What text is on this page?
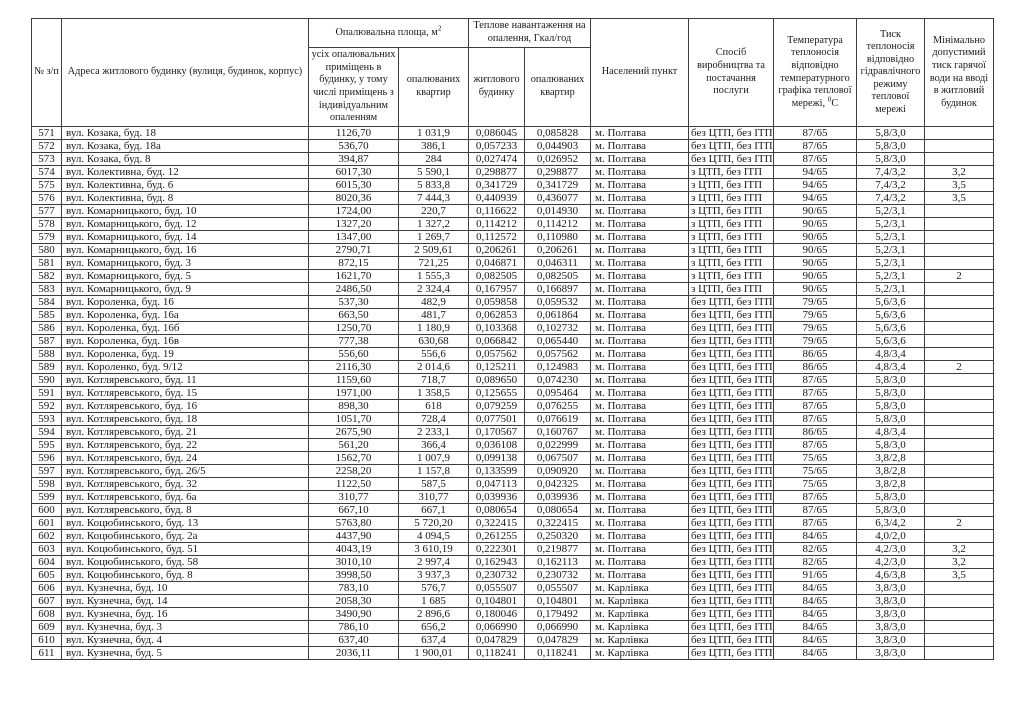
№ з/п	Адреса житлового будинку (вулиця, будинок, корпус)	Опалювальна площа, $м^2$		Теплове навантаження на опалення, Гкал/год		Населений пункт	Спосіб виробництва та постачання послуги	Температура теплоносія відповідно температурного графіка теплової мережі, $^0$С	Тиск теплоносія відповідно гідравлічного режиму теплової мережі	Мінімально допустимий тиск гарячої води на вводі в житловий будинок
		усіх опалювальних приміщень в будинку, у тому числі приміщень з індивідуальним опаленням	опалюваних квартир	житлового будинку	опалюваних квартир					
571	вул. Козака, буд. 18	1126,70	1 031,9	0,086045	0,085828	м. Полтава	без ЦТП, без ІТП	87/65	5,8/3,0	
572	вул. Козака, буд. 18а	536,70	386,1	0,057233	0,044903	м. Полтава	без ЦТП, без ІТП	87/65	5,8/3,0	
573	вул. Козака, буд. 8	394,87	284	0,027474	0,026952	м. Полтава	без ЦТП, без ІТП	87/65	5,8/3,0	
574	вул. Колективна, буд. 12	6017,30	5 590,1	0,298877	0,298877	м. Полтава	з ЦТП, без ІТП	94/65	7,4/3,2	3,2
575	вул. Колективна, буд. 6	6015,30	5 833,8	0,341729	0,341729	м. Полтава	з ЦТП, без ІТП	94/65	7,4/3,2	3,5
576	вул. Колективна, буд. 8	8020,36	7 444,3	0,440939	0,436077	м. Полтава	з ЦТП, без ІТП	94/65	7,4/3,2	3,5
577	вул. Комарницького, буд. 10	1724,00	220,7	0,116622	0,014930	м. Полтава	з ЦТП, без ІТП	90/65	5,2/3,1	
578	вул. Комарницького, буд. 12	1327,20	1 327,2	0,114212	0,114212	м. Полтава	з ЦТП, без ІТП	90/65	5,2/3,1	
579	вул. Комарницького, буд. 14	1347,00	1 269,7	0,112572	0,110980	м. Полтава	з ЦТП, без ІТП	90/65	5,2/3,1	
580	вул. Комарницького, буд. 16	2790,71	2 509,61	0,206261	0,206261	м. Полтава	з ЦТП, без ІТП	90/65	5,2/3,1	
581	вул. Комарницького, буд. 3	872,15	721,25	0,046871	0,046311	м. Полтава	з ЦТП, без ІТП	90/65	5,2/3,1	
582	вул. Комарницького, буд. 5	1621,70	1 555,3	0,082505	0,082505	м. Полтава	з ЦТП, без ІТП	90/65	5,2/3,1	2
583	вул. Комарницького, буд. 9	2486,50	2 324,4	0,167957	0,166897	м. Полтава	з ЦТП, без ІТП	90/65	5,2/3,1	
584	вул. Короленка, буд. 16	537,30	482,9	0,059858	0,059532	м. Полтава	без ЦТП, без ІТП	79/65	5,6/3,6	
585	вул. Короленка, буд. 16а	663,50	481,7	0,062853	0,061864	м. Полтава	без ЦТП, без ІТП	79/65	5,6/3,6	
586	вул. Короленка, буд. 16б	1250,70	1 180,9	0,103368	0,102732	м. Полтава	без ЦТП, без ІТП	79/65	5,6/3,6	
587	вул. Короленка, буд. 16в	777,38	630,68	0,066842	0,065440	м. Полтава	без ЦТП, без ІТП	79/65	5,6/3,6	
588	вул. Короленка, буд. 19	556,60	556,6	0,057562	0,057562	м. Полтава	без ЦТП, без ІТП	86/65	4,8/3,4	
589	вул. Короленко, буд. 9/12	2116,30	2 014,6	0,125211	0,124983	м. Полтава	без ЦТП, без ІТП	86/65	4,8/3,4	2
590	вул. Котляревського, буд. 11	1159,60	718,7	0,089650	0,074230	м. Полтава	без ЦТП, без ІТП	87/65	5,8/3,0	
591	вул. Котляревського, буд. 15	1971,00	1 358,5	0,125655	0,095464	м. Полтава	без ЦТП, без ІТП	87/65	5,8/3,0	
592	вул. Котляревського, буд. 16	898,30	618	0,079259	0,076255	м. Полтава	без ЦТП, без ІТП	87/65	5,8/3,0	
593	вул. Котляревського, буд. 18	1051,70	728,4	0,077501	0,076619	м. Полтава	без ЦТП, без ІТП	87/65	5,8/3,0	
594	вул. Котляревського, буд. 21	2675,90	2 233,1	0,170567	0,160767	м. Полтава	без ЦТП, без ІТП	86/65	4,8/3,4	
595	вул. Котляревського, буд. 22	561,20	366,4	0,036108	0,022999	м. Полтава	без ЦТП, без ІТП	87/65	5,8/3,0	
596	вул. Котляревського, буд. 24	1562,70	1 007,9	0,099138	0,067507	м. Полтава	без ЦТП, без ІТП	75/65	3,8/2,8	
597	вул. Котляревського, буд. 26/5	2258,20	1 157,8	0,133599	0,090920	м. Полтава	без ЦТП, без ІТП	75/65	3,8/2,8	
598	вул. Котляревського, буд. 32	1122,50	587,5	0,047113	0,042325	м. Полтава	без ЦТП, без ІТП	75/65	3,8/2,8	
599	вул. Котляревського, буд. 6а	310,77	310,77	0,039936	0,039936	м. Полтава	без ЦТП, без ІТП	87/65	5,8/3,0	
600	вул. Котляревського, буд. 8	667,10	667,1	0,080654	0,080654	м. Полтава	без ЦТП, без ІТП	87/65	5,8/3,0	
601	вул. Коцюбинського, буд. 13	5763,80	5 720,20	0,322415	0,322415	м. Полтава	без ЦТП, без ІТП	87/65	6,3/4,2	2
602	вул. Коцюбинського, буд. 2а	4437,90	4 094,5	0,261255	0,250320	м. Полтава	без ЦТП, без ІТП	84/65	4,0/2,0	
603	вул. Коцюбинського, буд. 51	4043,19	3 610,19	0,222301	0,219877	м. Полтава	без ЦТП, без ІТП	82/65	4,2/3,0	3,2
604	вул. Коцюбинського, буд. 58	3010,10	2 997,4	0,162943	0,162113	м. Полтава	без ЦТП, без ІТП	82/65	4,2/3,0	3,2
605	вул. Коцюбинського, буд. 8	3998,50	3 937,3	0,230732	0,230732	м. Полтава	без ЦТП, без ІТП	91/65	4,6/3,8	3,5
606	вул. Кузнечна, буд. 10	783,10	576,7	0,055507	0,055507	м. Карлівка	без ЦТП, без ІТП	84/65	3,8/3,0	
607	вул. Кузнечна, буд. 14	2058,30	1 685	0,104801	0,104801	м. Карлівка	без ЦТП, без ІТП	84/65	3,8/3,0	
608	вул. Кузнечна, буд. 16	3490,90	2 896,6	0,180046	0,179492	м. Карлівка	без ЦТП, без ІТП	84/65	3,8/3,0	
609	вул. Кузнечна, буд. 3	786,10	656,2	0,066990	0,066990	м. Карлівка	без ЦТП, без ІТП	84/65	3,8/3,0	
610	вул. Кузнечна, буд. 4	637,40	637,4	0,047829	0,047829	м. Карлівка	без ЦТП, без ІТП	84/65	3,8/3,0	
611	вул. Кузнечна, буд. 5	2036,11	1 900,01	0,118241	0,118241	м. Карлівка	без ЦТП, без ІТП	84/65	3,8/3,0	
